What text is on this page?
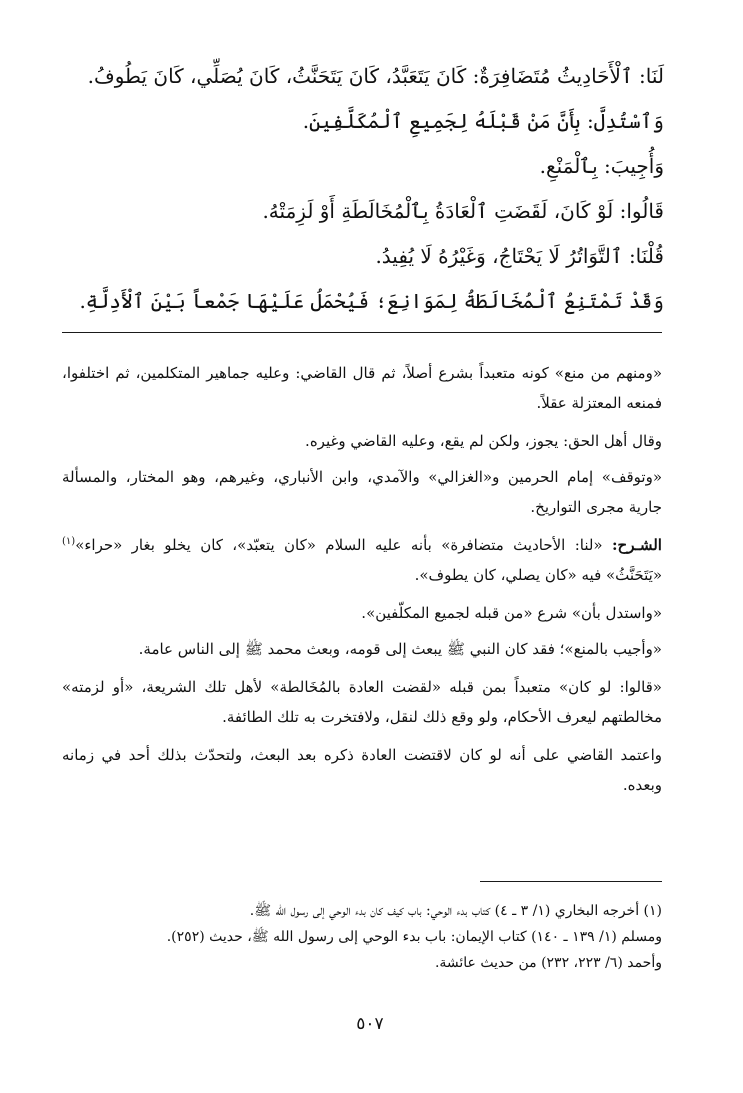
لَنَا: ٱلْأَحَادِيثُ مُتَضَافِرَةٌ: كَانَ يَتَعَبَّدُ، كَانَ يَتَحَنَّثُ، كَانَ يُصَلِّي، كَانَ يَطُوفُ.
وَٱسْتُدِلَّ: بِأَنَّ مَنْ قَبْلَهُ لِجَمِيعِ ٱلْمُكَلَّفِينَ.
وَأُجِيبَ: بِٱلْمَنْعِ.
قَالُوا: لَوْ كَانَ، لَقَضَتِ ٱلْعَادَةُ بِٱلْمُخَالَطَةِ أَوْ لَزِمَتْهُ.
قُلْنَا: ٱلتَّوَاتُرُ لَا يَحْتَاجُ، وَغَيْرُهُ لَا يُفِيدُ.
وَقَدْ تَمْتَنِعُ ٱلْمُخَالَطَةُ لِمَوَانِعَ؛ فَيُحْمَلُ عَلَيْهَا جَمْعاً بَيْنَ ٱلْأَدِلَّةِ.

«ومنهم من منع» كونه متعبداً بشرع أصلاً، ثم قال القاضي: وعليه جماهير المتكلمين، ثم اختلفوا، فمنعه المعتزلة عقلاً.

وقال أهل الحق: يجوز، ولكن لم يقع، وعليه القاضي وغيره.

«وتوقف» إمام الحرمين و«الغزالي» والآمدي، وابن الأنباري، وغيرهم، وهو المختار، والمسألة جارية مجرى التواريخ.

الشـرح: «لنا: الأحاديث متضافرة» بأنه عليه السلام «كان يتعبّد»، كان يخلو بغار «حراء»$^{(١)}$ «يَتَحَنَّثُ» فيه «كان يصلي، كان يطوف».

«واستدل بأن» شرع «من قبله لجميع المكلّفين».

«وأجيب بالمنع»؛ فقد كان النبي ﷺ يبعث إلى قومه، وبعث محمد ﷺ إلى الناس عامة.

«قالوا: لو كان» متعبداً بمن قبله «لقضت العادة بالمُخَالطة» لأهل تلك الشريعة، «أو لزمته» مخالطتهم ليعرف الأحكام، ولو وقع ذلك لنقل، ولافتخرت به تلك الطائفة.

واعتمد القاضي على أنه لو كان لاقتضت العادة ذكره بعد البعث، ولتحدّث بذلك أحد في زمانه وبعده.

(١) أخرجه البخاري (١/ ٣ ـ ٤) كتاب بدء الوحي: باب كيف كان بدء الوحي إلى رسول الله ﷺ.
ومسلم (١/ ١٣٩ ـ ١٤٠) كتاب الإيمان: باب بدء الوحي إلى رسول الله ﷺ، حديث (٢٥٢).
وأحمد (٦/ ٢٢٣، ٢٣٢) من حديث عائشة.
٥٠٧
